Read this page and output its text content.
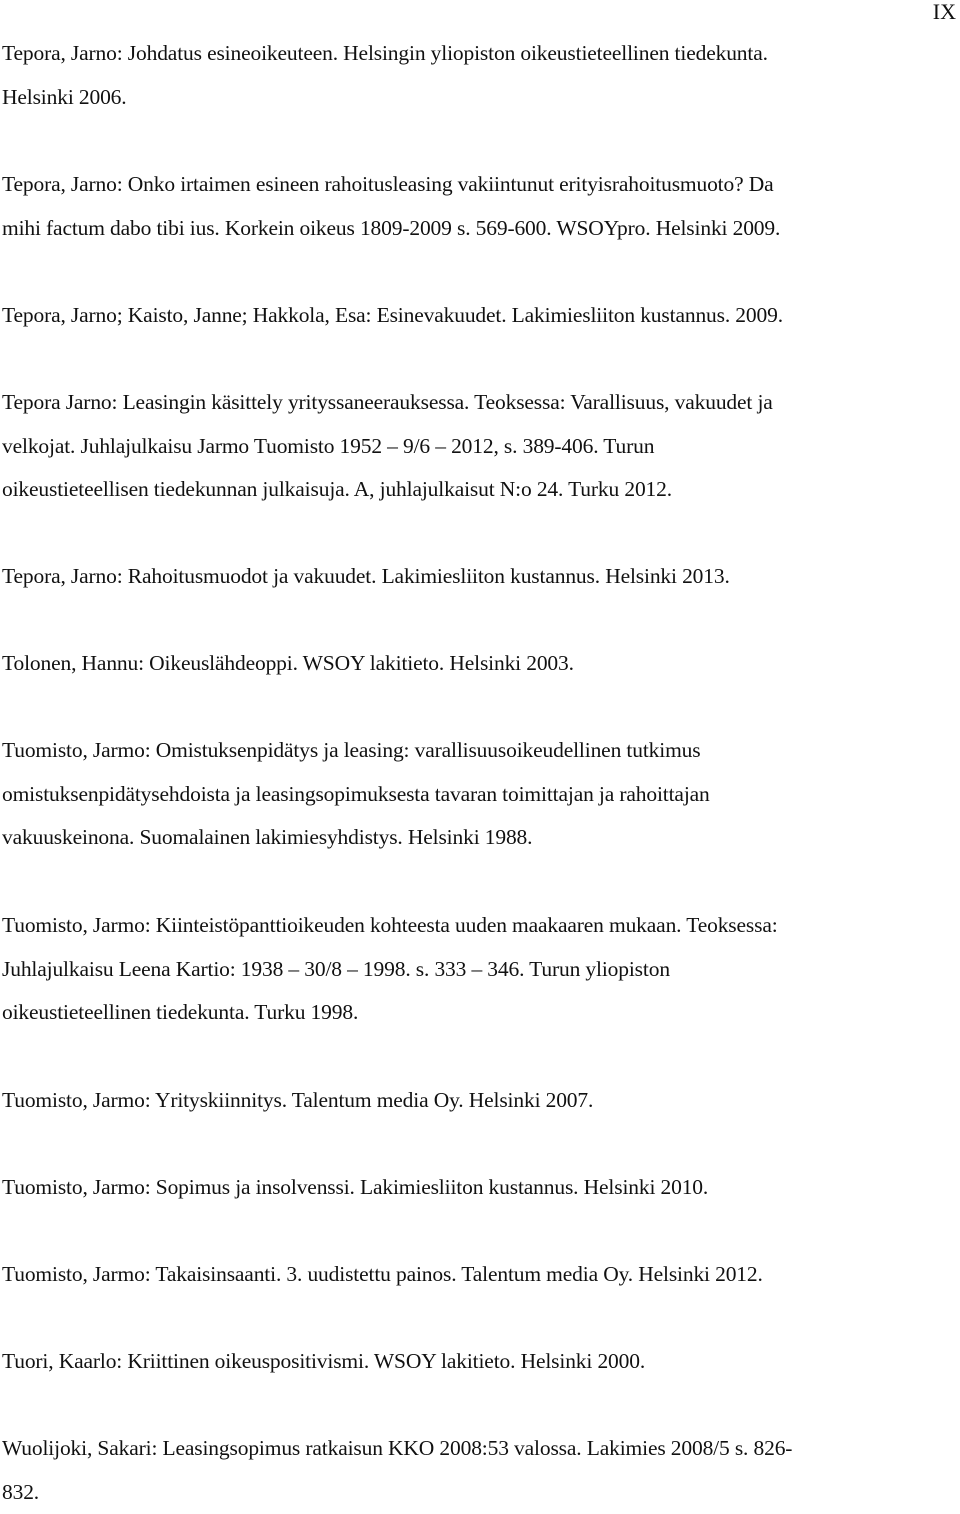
IX
Tepora, Jarno: Johdatus esineoikeuteen. Helsingin yliopiston oikeustieteellinen tiedekunta.
Helsinki 2006.
Tepora, Jarno: Onko irtaimen esineen rahoitusleasing vakiintunut erityisrahoitusmuoto? Da
mihi factum dabo tibi ius. Korkein oikeus 1809-2009 s. 569-600. WSOYpro. Helsinki 2009.
Tepora, Jarno; Kaisto, Janne; Hakkola, Esa: Esinevakuudet. Lakimiesliiton kustannus. 2009.
Tepora Jarno: Leasingin käsittely yrityssaneerauksessa. Teoksessa: Varallisuus, vakuudet ja
velkojat. Juhlajulkaisu Jarmo Tuomisto 1952 – 9/6 – 2012, s. 389-406. Turun
oikeustieteellisen tiedekunnan julkaisuja. A, juhlajulkaisut N:o 24. Turku 2012.
Tepora, Jarno: Rahoitusmuodot ja vakuudet. Lakimiesliiton kustannus. Helsinki 2013.
Tolonen, Hannu: Oikeuslähdeoppi. WSOY lakitieto. Helsinki 2003.
Tuomisto, Jarmo: Omistuksenpidätys ja leasing: varallisuusoikeudellinen tutkimus
omistuksenpidätysehdoista ja leasingsopimuksesta tavaran toimittajan ja rahoittajan
vakuuskeinona. Suomalainen lakimiesyhdistys. Helsinki 1988.
Tuomisto, Jarmo: Kiinteistöpanttioikeuden kohteesta uuden maakaaren mukaan. Teoksessa:
Juhlajulkaisu Leena Kartio: 1938 – 30/8 – 1998. s. 333 – 346. Turun yliopiston
oikeustieteellinen tiedekunta. Turku 1998.
Tuomisto, Jarmo: Yrityskiinnitys. Talentum media Oy. Helsinki 2007.
Tuomisto, Jarmo: Sopimus ja insolvenssi. Lakimiesliiton kustannus. Helsinki 2010.
Tuomisto, Jarmo: Takaisinsaanti. 3. uudistettu painos. Talentum media Oy. Helsinki 2012.
Tuori, Kaarlo: Kriittinen oikeuspositivismi. WSOY lakitieto. Helsinki 2000.
Wuolijoki, Sakari: Leasingsopimus ratkaisun KKO 2008:53 valossa. Lakimies 2008/5 s. 826-
832.
